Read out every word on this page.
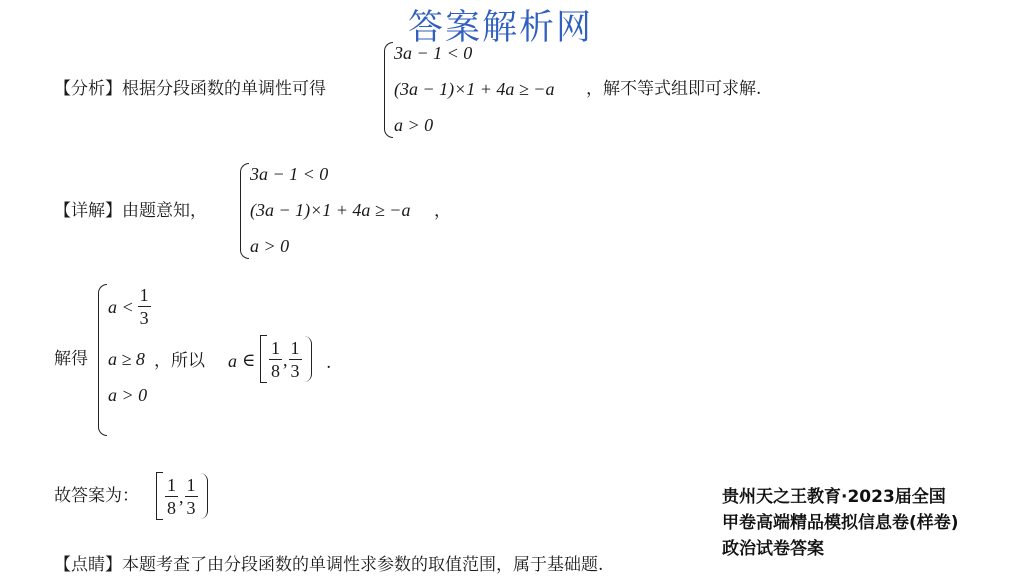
答案解析网
【分析】根据分段函数的单调性可得
3a − 1 < 0
(3a − 1)×1 + 4a ≥ −a
a > 0
，解不等式组即可求解.
【详解】由题意知，
3a − 1 < 0
(3a − 1)×1 + 4a ≥ −a
a > 0
，
解得
$a < \frac{1}{3}$
a ≥ 8
a > 0
，所以 a ∈ $\frac{1}{8}$ , $\frac{1}{3}$ .
故答案为： $\frac{1}{8}$ , $\frac{1}{3}$
【点睛】本题考查了由分段函数的单调性求参数的取值范围，属于基础题.
贵州天之王教育·2023届全国
甲卷高端精品模拟信息卷(样卷)
政治试卷答案
